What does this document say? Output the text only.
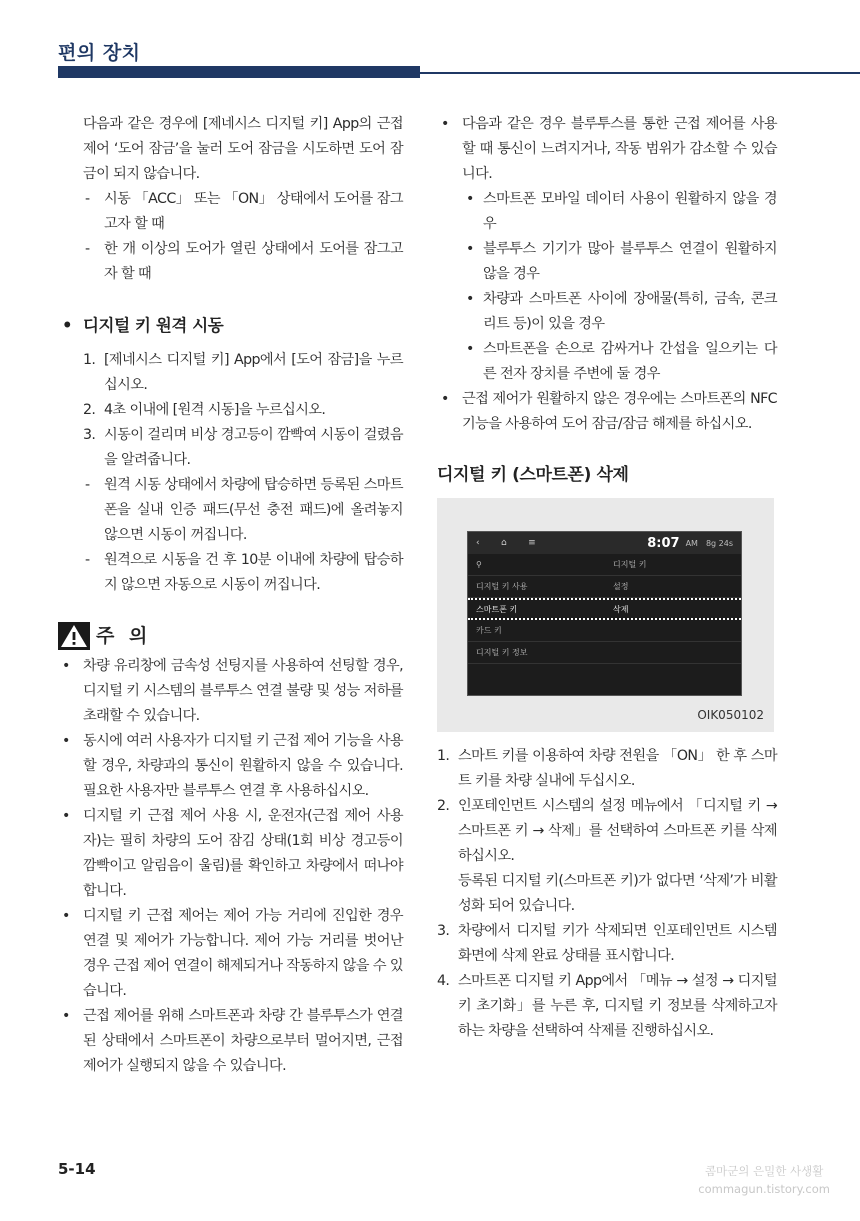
편의 장치

다음과 같은 경우에 [제네시스 디지털 키] App의 근접 제어 ‘도어 잠금’을 눌러 도어 잠금을 시도하면 도어 잠금이 되지 않습니다.

- 시동 「ACC」 또는 「ON」 상태에서 도어를 잠그고자 할 때
- 한 개 이상의 도어가 열린 상태에서 도어를 잠그고자 할 때
• 디지털 키 원격 시동
1. [제네시스 디지털 키] App에서 [도어 잠금]을 누르십시오.
2. 4초 이내에 [원격 시동]을 누르십시오.
3. 시동이 걸리며 비상 경고등이 깜빡여 시동이 걸렸음을 알려줍니다.
- 원격 시동 상태에서 차량에 탑승하면 등록된 스마트폰을 실내 인증 패드(무선 충전 패드)에 올려놓지 않으면 시동이 꺼집니다.
- 원격으로 시동을 건 후 10분 이내에 차량에 탑승하지 않으면 자동으로 시동이 꺼집니다.
주 의
• 차량 유리창에 금속성 선팅지를 사용하여 선팅할 경우, 디지털 키 시스템의 블루투스 연결 불량 및 성능 저하를 초래할 수 있습니다.
• 동시에 여러 사용자가 디지털 키 근접 제어 기능을 사용할 경우, 차량과의 통신이 원활하지 않을 수 있습니다. 필요한 사용자만 블루투스 연결 후 사용하십시오.
• 디지털 키 근접 제어 사용 시, 운전자(근접 제어 사용자)는 필히 차량의 도어 잠김 상태(1회 비상 경고등이 깜빡이고 알림음이 울림)를 확인하고 차량에서 떠나야 합니다.
• 디지털 키 근접 제어는 제어 가능 거리에 진입한 경우 연결 및 제어가 가능합니다. 제어 가능 거리를 벗어난 경우 근접 제어 연결이 해제되거나 작동하지 않을 수 있습니다.
• 근접 제어를 위해 스마트폰과 차량 간 블루투스가 연결된 상태에서 스마트폰이 차량으로부터 멀어지면, 근접 제어가 실행되지 않을 수 있습니다.
• 다음과 같은 경우 블루투스를 통한 근접 제어를 사용할 때 통신이 느려지거나, 작동 범위가 감소할 수 있습니다.
• 스마트폰 모바일 데이터 사용이 원활하지 않을 경우
• 블루투스 기기가 많아 블루투스 연결이 원활하지 않을 경우
• 차량과 스마트폰 사이에 장애물(특히, 금속, 콘크리트 등)이 있을 경우
• 스마트폰을 손으로 감싸거나 간섭을 일으키는 다른 전자 장치를 주변에 둘 경우
• 근접 제어가 원활하지 않은 경우에는 스마트폰의 NFC 기능을 사용하여 도어 잠금/잠금 해제를 하십시오.
디지털 키 (스마트폰) 삭제
‹ ⌂ ≡	8:07 AM 8g 24s
⚲	디지털 키
디지털 키 사용	설정
스마트폰 키	삭제
카드 키
디지털 키 정보
OIK050102
1. 스마트 키를 이용하여 차량 전원을 「ON」 한 후 스마트 키를 차량 실내에 두십시오.
2. 인포테인먼트 시스템의 설정 메뉴에서 「디지털 키 → 스마트폰 키 → 삭제」를 선택하여 스마트폰 키를 삭제하십시오.
등록된 디지털 키(스마트폰 키)가 없다면 ‘삭제’가 비활성화 되어 있습니다.
3. 차량에서 디지털 키가 삭제되면 인포테인먼트 시스템 화면에 삭제 완료 상태를 표시합니다.
4. 스마트폰 디지털 키 App에서 「메뉴 → 설정 → 디지털 키 초기화」를 누른 후, 디지털 키 정보를 삭제하고자 하는 차량을 선택하여 삭제를 진행하십시오.
5-14	콤마군의 은밀한 사생활
commagun.tistory.com
